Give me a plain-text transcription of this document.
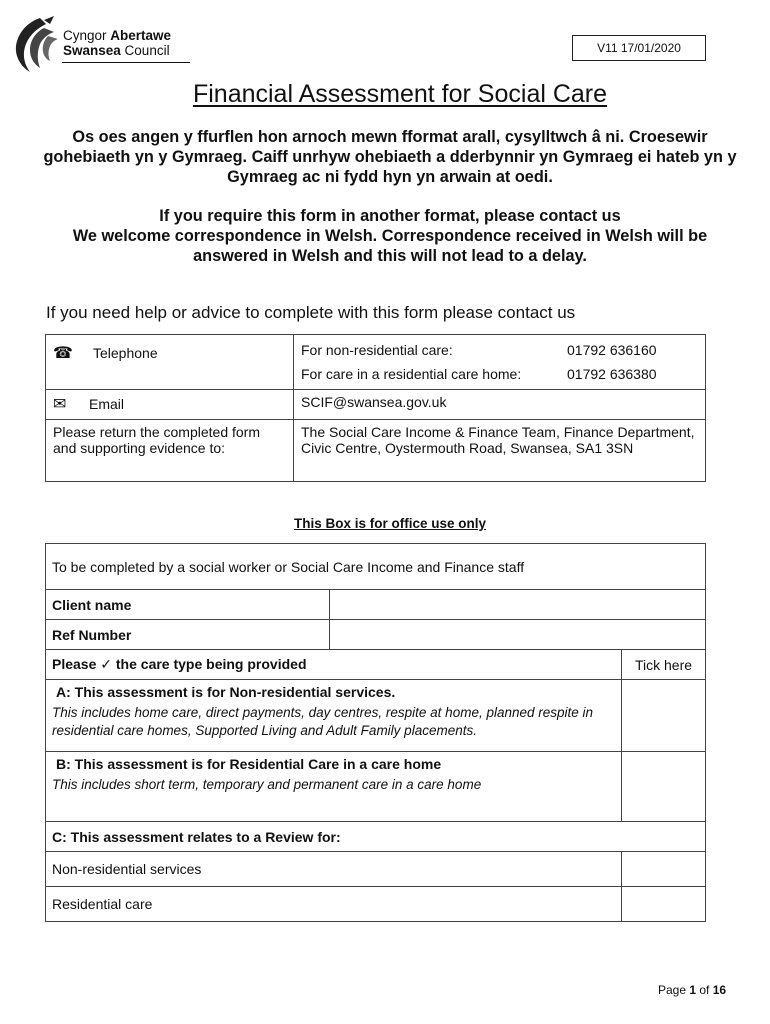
Cyngor Abertawe
Swansea Council	V11 17/01/2020
Financial Assessment for Social Care
Os oes angen y ffurflen hon arnoch mewn fformat arall, cysylltwch â ni. Croesewir gohebiaeth yn y Gymraeg. Caiff unrhyw ohebiaeth a dderbynnir yn Gymraeg ei hateb yn y Gymraeg ac ni fydd hyn yn arwain at oedi.
If you require this form in another format, please contact us
We welcome correspondence in Welsh. Correspondence received in Welsh will be answered in Welsh and this will not lead to a delay.
If you need help or advice to complete with this form please contact us
☎ Telephone	For non-residential care: 01792 636160
For care in a residential care home: 01792 636380

✉ Email	SCIF@swansea.gov.uk
Please return the completed form and supporting evidence to:	The Social Care Income & Finance Team, Finance Department, Civic Centre, Oystermouth Road, Swansea, SA1 3SN
This Box is for office use only
To be completed by a social worker or Social Care Income and Finance staff		
Client name		
Ref Number		
Please ✓ the care type being provided		Tick here

A: This assessment is for Non-residential services.
This includes home care, direct payments, day centres, respite at home, planned respite in residential care homes, Supported Living and Adult Family placements.		

B: This assessment is for Residential Care in a care home
This includes short term, temporary and permanent care in a care home		

C: This assessment relates to a Review for:		
Non-residential services		
Residential care		
Page 1 of 16
